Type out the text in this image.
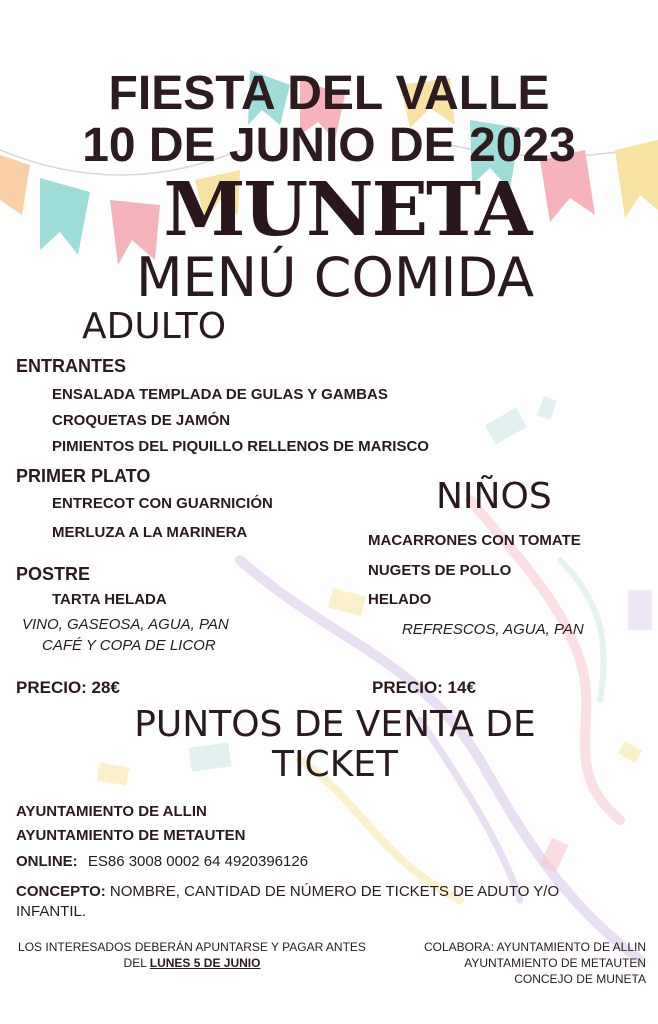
FIESTA DEL VALLE
10 DE JUNIO DE 2023
MUNETA
MENÚ COMIDA
ADULTO
ENTRANTES
ENSALADA TEMPLADA DE GULAS Y GAMBAS
CROQUETAS DE JAMÓN
PIMIENTOS DEL PIQUILLO RELLENOS DE MARISCO
PRIMER PLATO
ENTRECOT CON GUARNICIÓN
MERLUZA A LA MARINERA
POSTRE
TARTA HELADA
VINO, GASEOSA, AGUA, PAN
CAFÉ Y COPA DE LICOR
PRECIO: 28€
NIÑOS
MACARRONES CON TOMATE
NUGETS DE POLLO
HELADO
REFRESCOS, AGUA, PAN
PRECIO: 14€
PUNTOS DE VENTA DE
TICKET
AYUNTAMIENTO DE ALLIN
AYUNTAMIENTO DE METAUTEN
ONLINE: ES86 3008 0002 64 4920396126
CONCEPTO: NOMBRE, CANTIDAD DE NÚMERO DE TICKETS DE ADUTO Y/O INFANTIL.
LOS INTERESADOS DEBERÁN APUNTARSE Y PAGAR ANTES
DEL LUNES 5 DE JUNIO
COLABORA: AYUNTAMIENTO DE ALLIN
AYUNTAMIENTO DE METAUTEN
CONCEJO DE MUNETA
